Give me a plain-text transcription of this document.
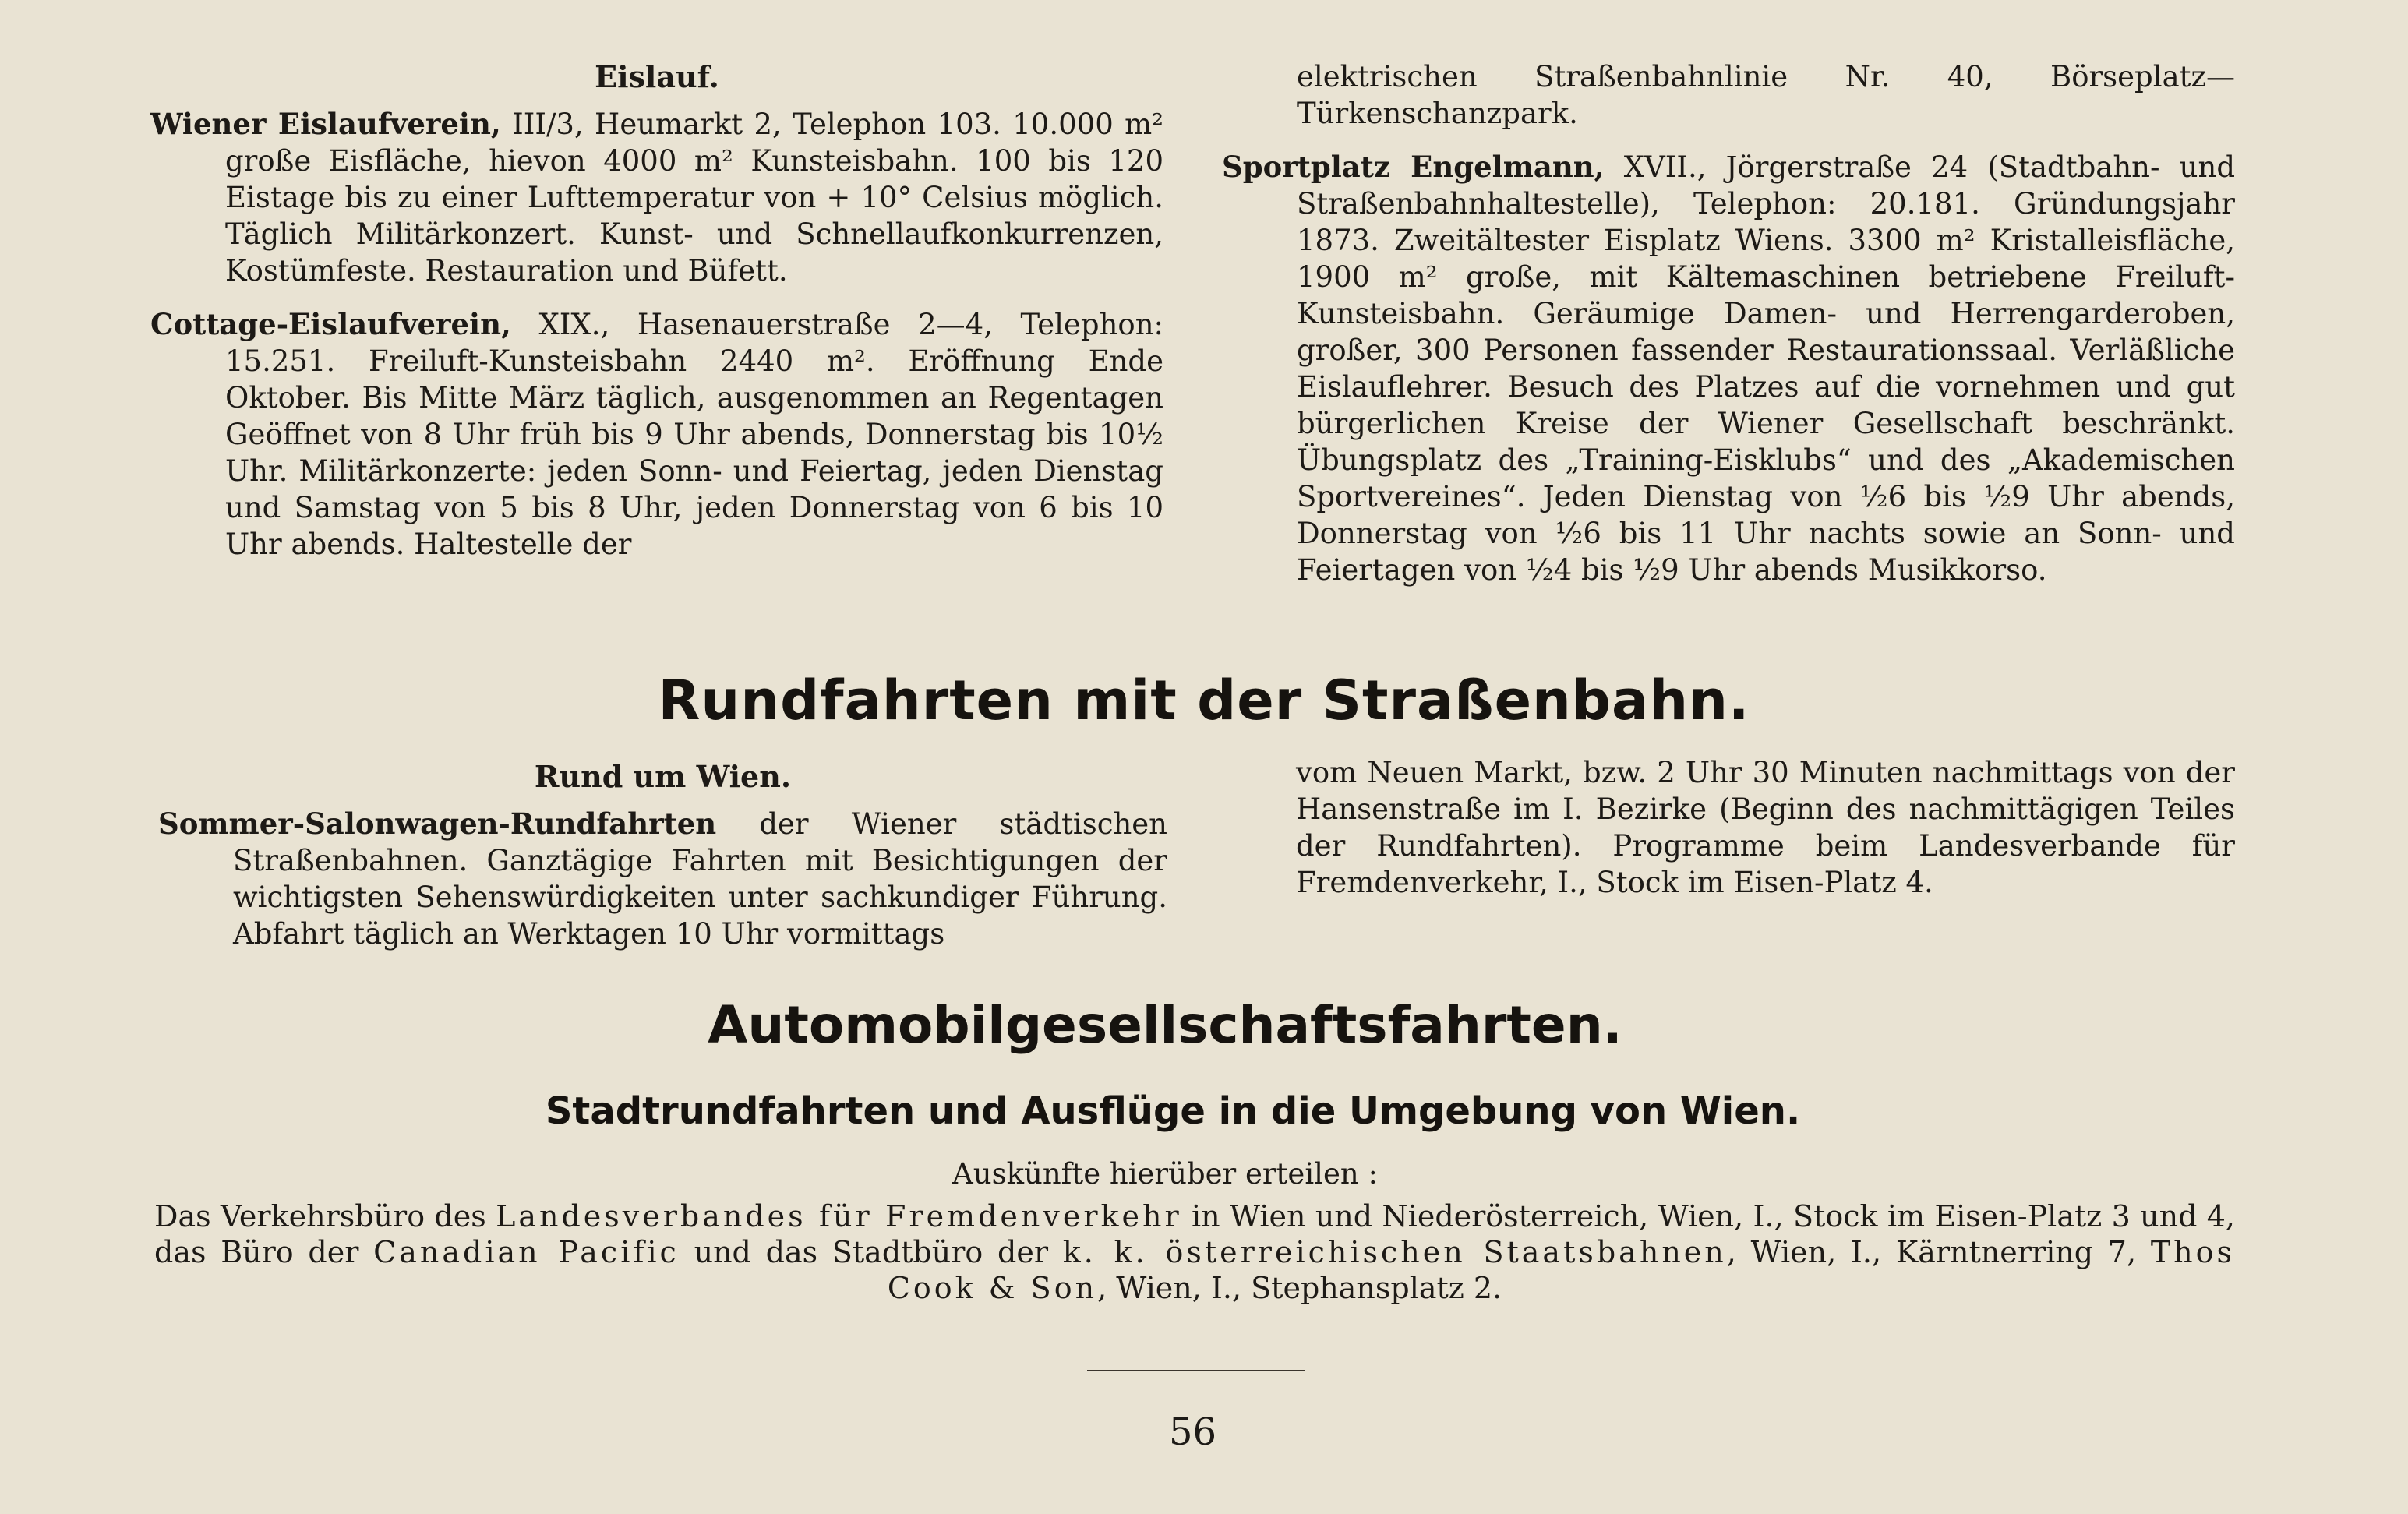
Eislauf.

Wiener Eislaufverein, III/3, Heumarkt 2, Telephon 103. 10.000 m² große Eisfläche, hievon 4000 m² Kunsteisbahn. 100 bis 120 Eistage bis zu einer Lufttemperatur von + 10° Celsius möglich. Täglich Militärkonzert. Kunst- und Schnellaufkonkurrenzen, Kostümfeste. Restauration und Büfett.

Cottage-Eislaufverein, XIX., Hasenauerstraße 2—4, Telephon: 15.251. Freiluft-Kunsteisbahn 2440 m². Eröffnung Ende Oktober. Bis Mitte März täglich, ausgenommen an Regentagen Geöffnet von 8 Uhr früh bis 9 Uhr abends, Donnerstag bis 10½ Uhr. Militärkonzerte: jeden Sonn- und Feiertag, jeden Dienstag und Samstag von 5 bis 8 Uhr, jeden Donnerstag von 6 bis 10 Uhr abends. Haltestelle der

elektrischen Straßenbahnlinie Nr. 40, Börseplatz—Türkenschanzpark.

Sportplatz Engelmann, XVII., Jörgerstraße 24 (Stadtbahn- und Straßenbahnhaltestelle), Telephon: 20.181. Gründungsjahr 1873. Zweitältester Eisplatz Wiens. 3300 m² Kristalleisfläche, 1900 m² große, mit Kältemaschinen betriebene Freiluft-Kunsteisbahn. Geräumige Damen- und Herrengarderoben, großer, 300 Personen fassender Restaurationssaal. Verläßliche Eislauflehrer. Besuch des Platzes auf die vornehmen und gut bürgerlichen Kreise der Wiener Gesellschaft beschränkt. Übungsplatz des „Training-Eisklubs“ und des „Akademischen Sportvereines“. Jeden Dienstag von ½6 bis ½9 Uhr abends, Donnerstag von ½6 bis 11 Uhr nachts sowie an Sonn- und Feiertagen von ½4 bis ½9 Uhr abends Musikkorso.

Rundfahrten mit der Straßenbahn.

Rund um Wien.

Sommer-Salonwagen-Rundfahrten der Wiener städtischen Straßenbahnen. Ganztägige Fahrten mit Besichtigungen der wichtigsten Sehenswürdigkeiten unter sachkundiger Führung. Abfahrt täglich an Werktagen 10 Uhr vormittags

vom Neuen Markt, bzw. 2 Uhr 30 Minuten nachmittags von der Hansenstraße im I. Bezirke (Beginn des nachmittägigen Teiles der Rundfahrten). Programme beim Landesverbande für Fremdenverkehr, I., Stock im Eisen-Platz 4.

Automobilgesellschaftsfahrten.
Stadtrundfahrten und Ausflüge in die Umgebung von Wien.
Auskünfte hierüber erteilen :
Das Verkehrsbüro des Landesverbandes für Fremdenverkehr in Wien und Niederösterreich, Wien, I., Stock im Eisen-Platz 3 und 4, das Büro der Canadian Pacific und das Stadtbüro der k. k. österreichischen Staatsbahnen, Wien, I., Kärntnerring 7, Thos Cook & Son, Wien, I., Stephansplatz 2.
56
